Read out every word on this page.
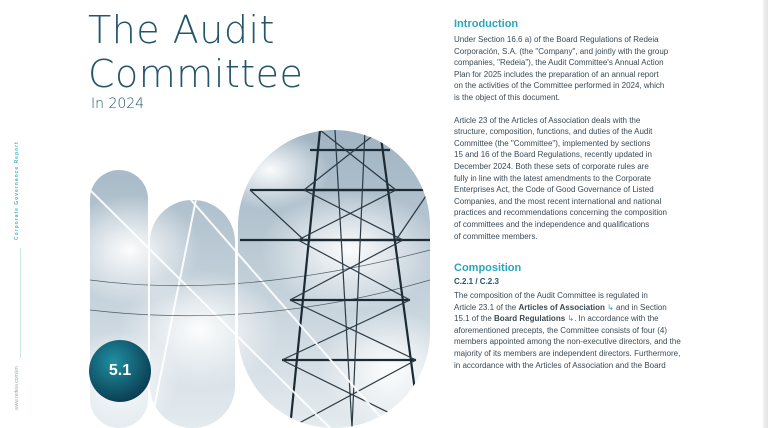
Corporate Governance Report
www.redeia.com/en
The Audit
Committee
In 2024
5.1
Introduction

Under Section 16.6 a) of the Board Regulations of Redeia
Corporación, S.A. (the "Company", and jointly with the group
companies, "Redeia"), the Audit Committee's Annual Action
Plan for 2025 includes the preparation of an annual report
on the activities of the Committee performed in 2024, which
is the object of this document.

Article 23 of the Articles of Association deals with the
structure, composition, functions, and duties of the Audit
Committee (the "Committee"), implemented by sections
15 and 16 of the Board Regulations, recently updated in
December 2024. Both these sets of corporate rules are
fully in line with the latest amendments to the Corporate
Enterprises Act, the Code of Good Governance of Listed
Companies, and the most recent international and national
practices and recommendations concerning the composition
of committees and the independence and qualifications
of committee members.

Composition
C.2.1 / C.2.3

The composition of the Audit Committee is regulated in
Article 23.1 of the Articles of Association ↳ and in Section
15.1 of the Board Regulations ↳. In accordance with the
aforementioned precepts, the Committee consists of four (4)
members appointed among the non-executive directors, and the
majority of its members are independent directors. Furthermore,
in accordance with the Articles of Association and the Board
